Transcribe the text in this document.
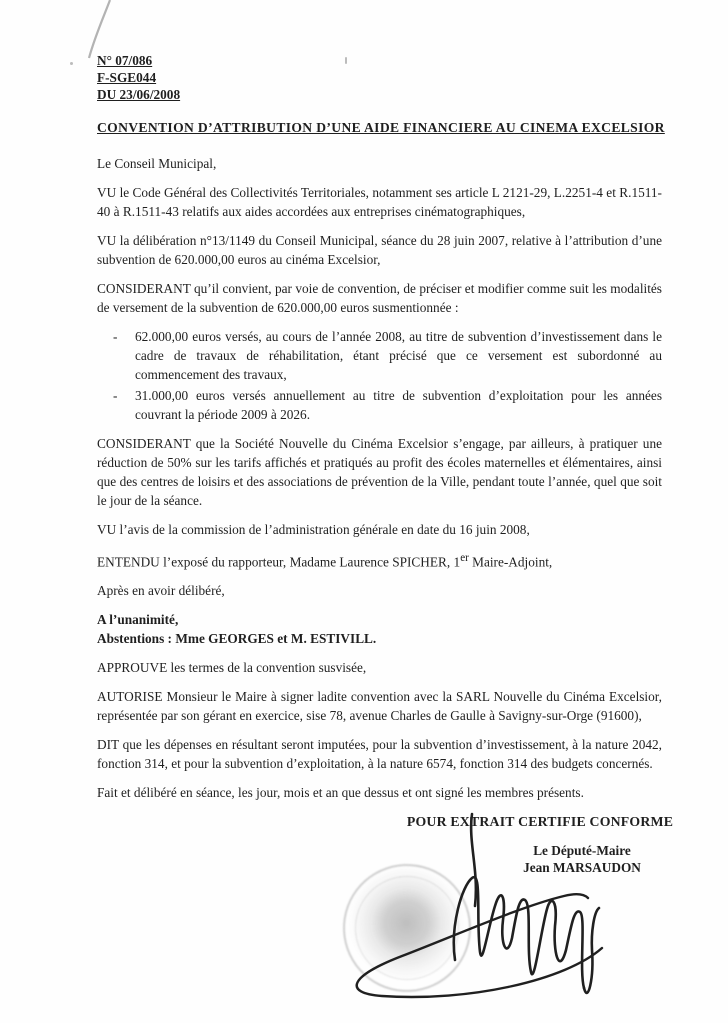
N° 07/086
F-SGE044
DU 23/06/2008
CONVENTION D’ATTRIBUTION D’UNE AIDE FINANCIERE AU CINEMA EXCELSIOR

Le Conseil Municipal,

VU le Code Général des Collectivités Territoriales, notamment ses article L 2121-29, L.2251-4 et R.1511-40 à R.1511-43 relatifs aux aides accordées aux entreprises cinématographiques,

VU la délibération n°13/1149 du Conseil Municipal, séance du 28 juin 2007, relative à l’attribution d’une subvention de 620.000,00 euros au cinéma Excelsior,

CONSIDERANT qu’il convient, par voie de convention, de préciser et modifier comme suit les modalités de versement de la subvention de 620.000,00 euros susmentionnée :

-	62.000,00 euros versés, au cours de l’année 2008, au titre de subvention d’investissement dans le cadre de travaux de réhabilitation, étant précisé que ce versement est subordonné au commencement des travaux,
-	31.000,00 euros versés annuellement au titre de subvention d’exploitation pour les années couvrant la période 2009 à 2026.

CONSIDERANT que la Société Nouvelle du Cinéma Excelsior s’engage, par ailleurs, à pratiquer une réduction de 50% sur les tarifs affichés et pratiqués au profit des écoles maternelles et élémentaires, ainsi que des centres de loisirs et des associations de prévention de la Ville, pendant toute l’année, quel que soit le jour de la séance.

VU l’avis de la commission de l’administration générale en date du 16 juin 2008,

ENTENDU l’exposé du rapporteur, Madame Laurence SPICHER, 1er Maire-Adjoint,

Après en avoir délibéré,

A l’unanimité,
Abstentions : Mme GEORGES et M. ESTIVILL.

APPROUVE les termes de la convention susvisée,

AUTORISE Monsieur le Maire à signer ladite convention avec la SARL Nouvelle du Cinéma Excelsior, représentée par son gérant en exercice, sise 78, avenue Charles de Gaulle à Savigny-sur-Orge (91600),

DIT que les dépenses en résultant seront imputées, pour la subvention d’investissement, à la nature 2042, fonction 314, et pour la subvention d’exploitation, à la nature 6574, fonction 314 des budgets concernés.

Fait et délibéré en séance, les jour, mois et an que dessus et ont signé les membres présents.

POUR EXTRAIT CERTIFIE CONFORME
Le Député-Maire
Jean MARSAUDON
